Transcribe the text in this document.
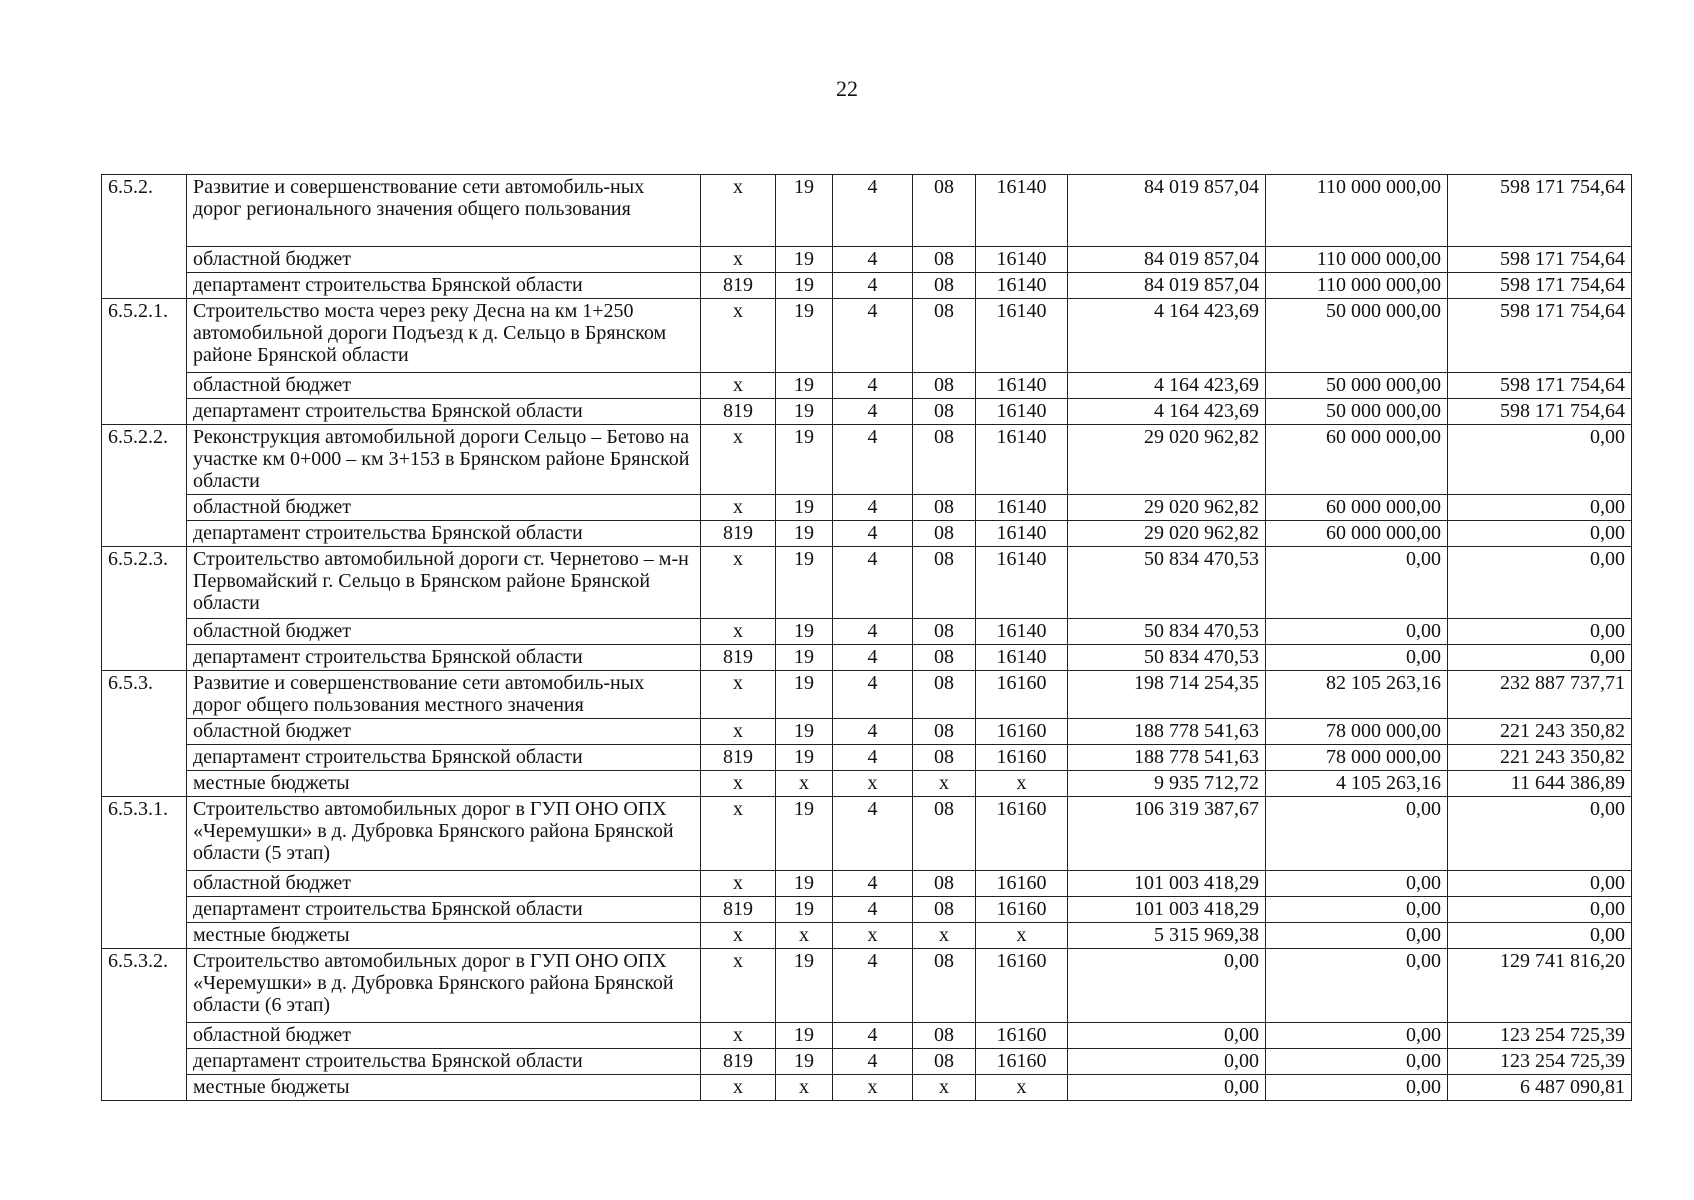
22
6.5.2.	Развитие и совершенствование сети автомобиль-ных дорог регионального значения общего пользования	х	19	4	08	16140	84 019 857,04	110 000 000,00	598 171 754,64
	областной бюджет	х	19	4	08	16140	84 019 857,04	110 000 000,00	598 171 754,64
	департамент строительства Брянской области	819	19	4	08	16140	84 019 857,04	110 000 000,00	598 171 754,64
6.5.2.1.	Строительство моста через реку Десна на км 1+250 автомобильной дороги Подъезд к д. Сельцо в Брянском районе Брянской области	х	19	4	08	16140	4 164 423,69	50 000 000,00	598 171 754,64
	областной бюджет	х	19	4	08	16140	4 164 423,69	50 000 000,00	598 171 754,64
	департамент строительства Брянской области	819	19	4	08	16140	4 164 423,69	50 000 000,00	598 171 754,64
6.5.2.2.	Реконструкция автомобильной дороги Сельцо – Бетово на участке км 0+000 – км 3+153 в Брянском районе Брянской области	х	19	4	08	16140	29 020 962,82	60 000 000,00	0,00
	областной бюджет	х	19	4	08	16140	29 020 962,82	60 000 000,00	0,00
	департамент строительства Брянской области	819	19	4	08	16140	29 020 962,82	60 000 000,00	0,00
6.5.2.3.	Строительство автомобильной дороги ст. Чернетово – м-н Первомайский г. Сельцо в Брянском районе Брянской области	х	19	4	08	16140	50 834 470,53	0,00	0,00
	областной бюджет	х	19	4	08	16140	50 834 470,53	0,00	0,00
	департамент строительства Брянской области	819	19	4	08	16140	50 834 470,53	0,00	0,00
6.5.3.	Развитие и совершенствование сети автомобиль-ных дорог общего пользования местного значения	х	19	4	08	16160	198 714 254,35	82 105 263,16	232 887 737,71
	областной бюджет	х	19	4	08	16160	188 778 541,63	78 000 000,00	221 243 350,82
	департамент строительства Брянской области	819	19	4	08	16160	188 778 541,63	78 000 000,00	221 243 350,82
	местные бюджеты	х	х	х	х	х	9 935 712,72	4 105 263,16	11 644 386,89
6.5.3.1.	Строительство автомобильных дорог в ГУП ОНО ОПХ «Черемушки» в д. Дубровка Брянского района Брянской области (5 этап)	х	19	4	08	16160	106 319 387,67	0,00	0,00
	областной бюджет	х	19	4	08	16160	101 003 418,29	0,00	0,00
	департамент строительства Брянской области	819	19	4	08	16160	101 003 418,29	0,00	0,00
	местные бюджеты	х	х	х	х	х	5 315 969,38	0,00	0,00
6.5.3.2.	Строительство автомобильных дорог в ГУП ОНО ОПХ «Черемушки» в д. Дубровка Брянского района Брянской области (6 этап)	х	19	4	08	16160	0,00	0,00	129 741 816,20
	областной бюджет	х	19	4	08	16160	0,00	0,00	123 254 725,39
	департамент строительства Брянской области	819	19	4	08	16160	0,00	0,00	123 254 725,39
	местные бюджеты	х	х	х	х	х	0,00	0,00	6 487 090,81
